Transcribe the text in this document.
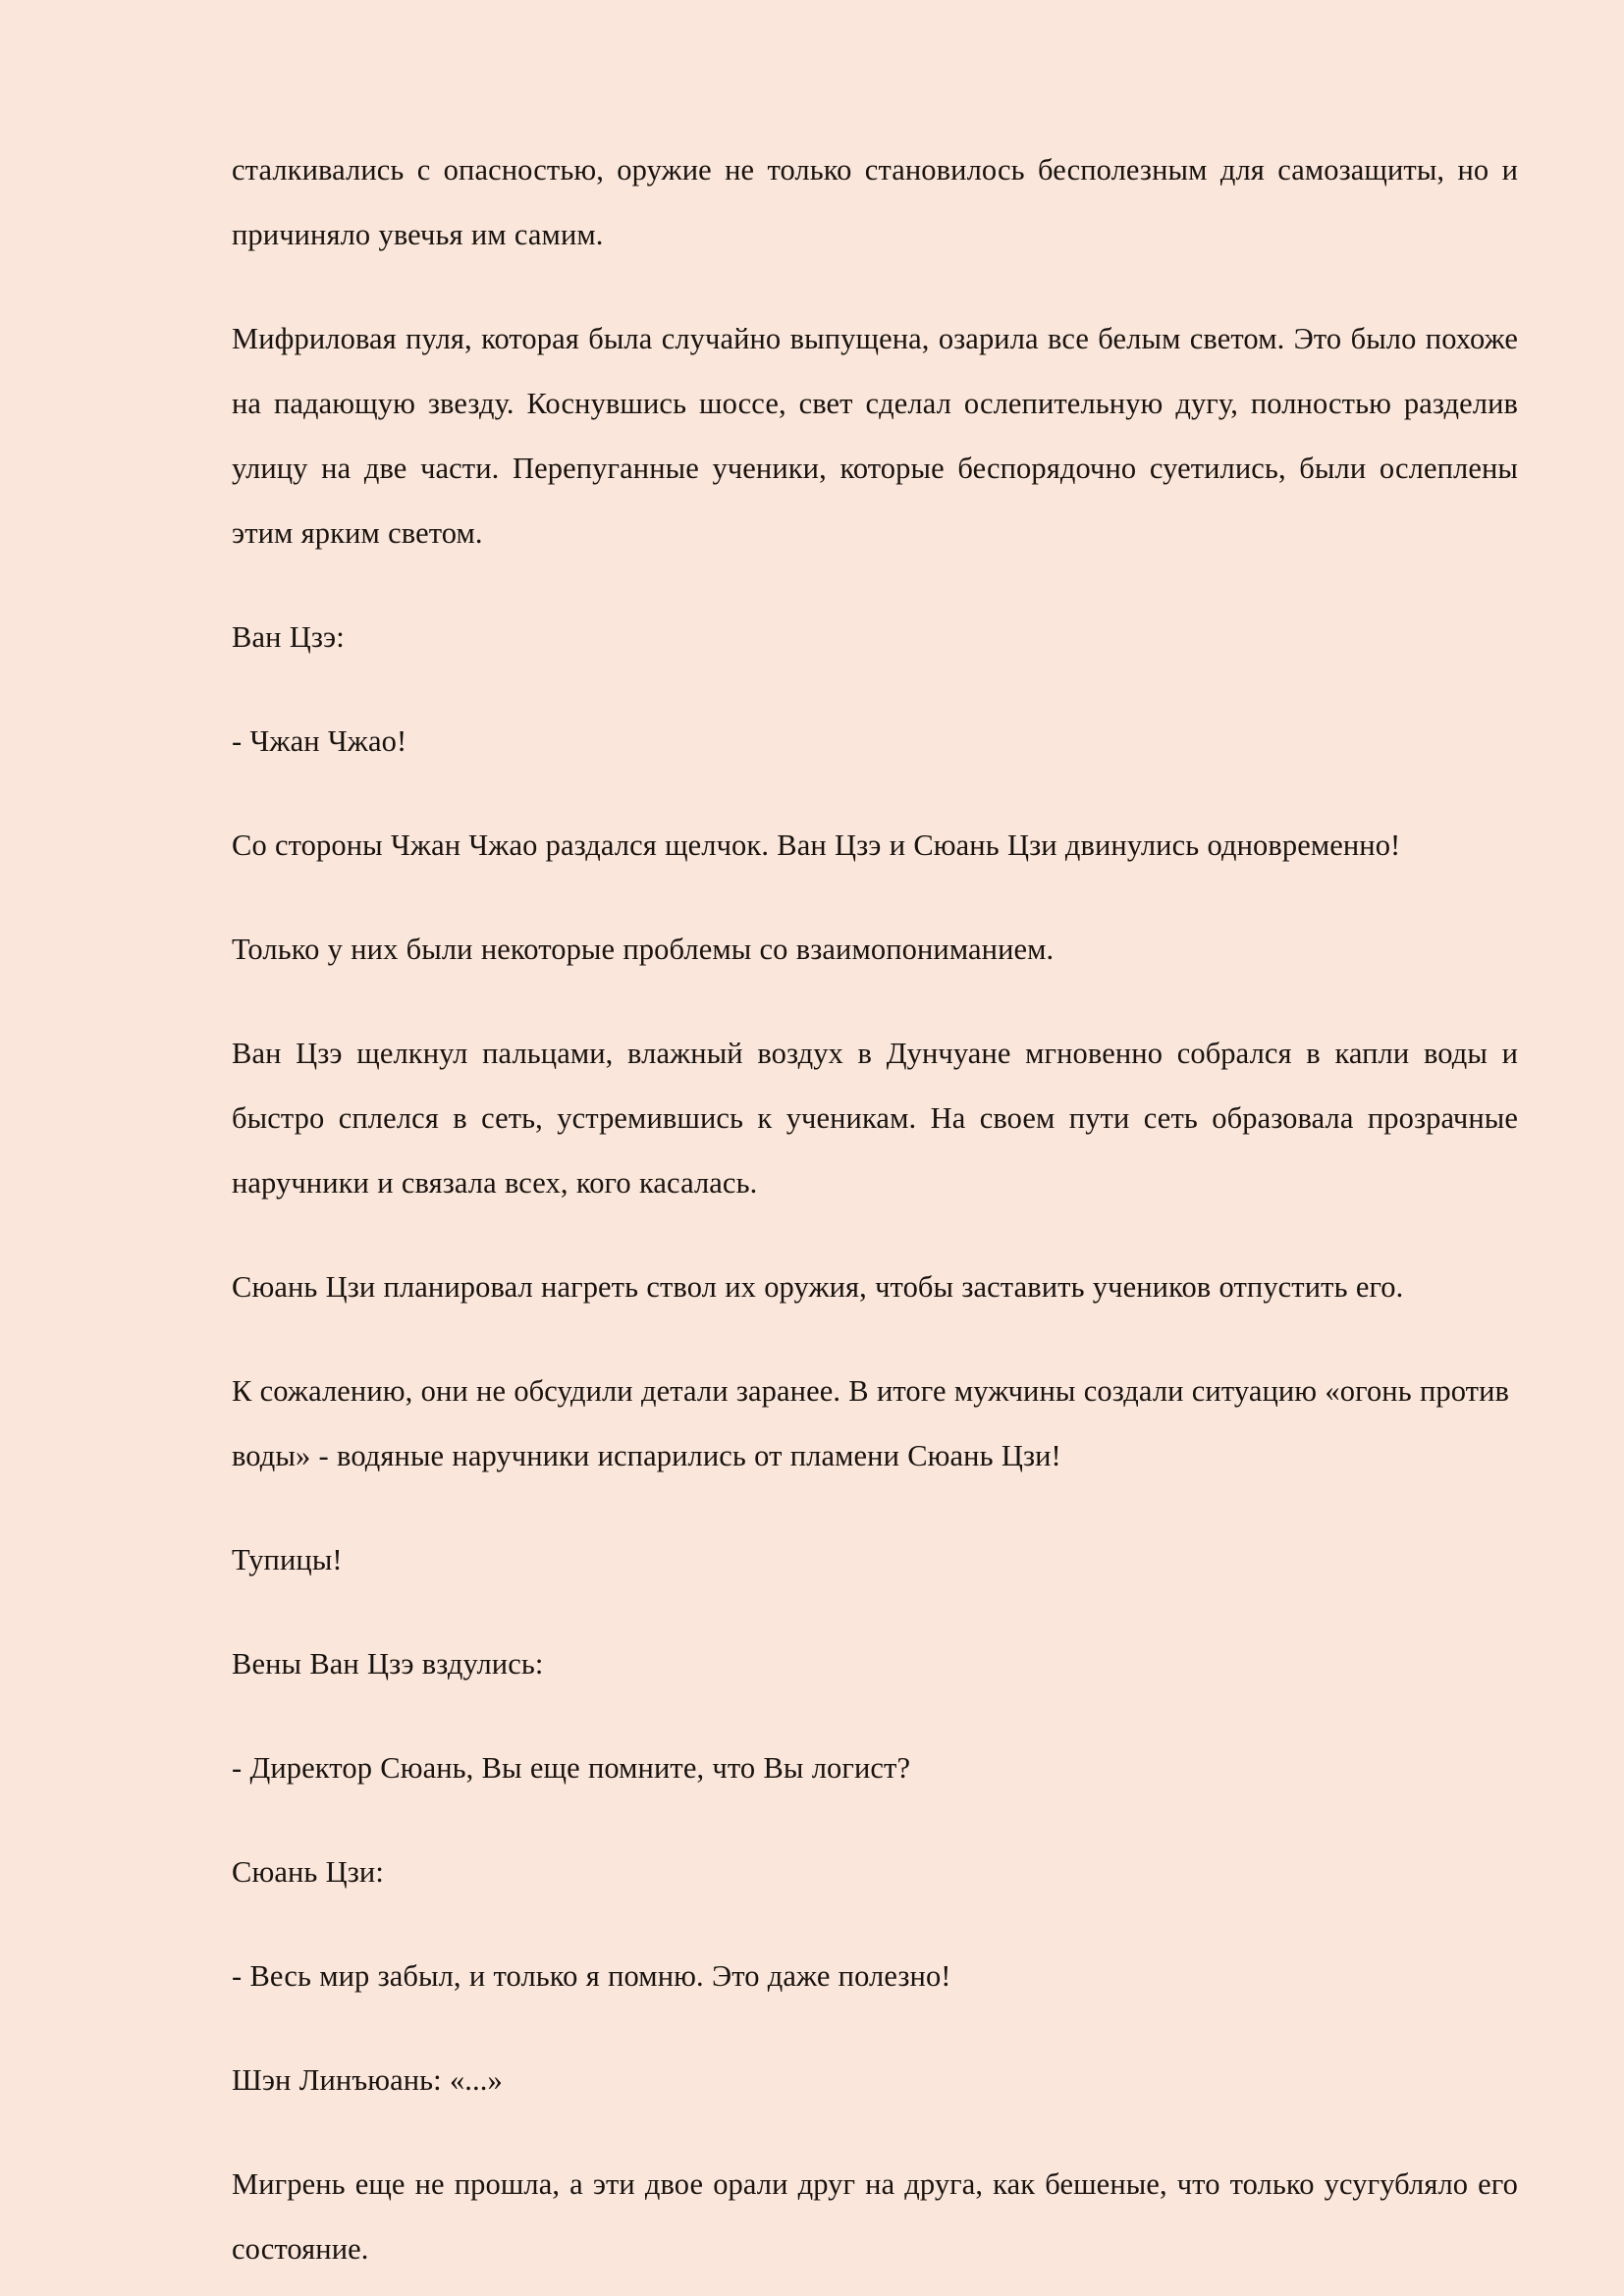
сталкивались с опасностью, оружие не только становилось бесполезным для самозащиты, но и причиняло увечья им самим.

Мифриловая пуля, которая была случайно выпущена, озарила все белым светом. Это было похоже на падающую звезду. Коснувшись шоссе, свет сделал ослепительную дугу, полностью разделив улицу на две части. Перепуганные ученики, которые беспорядочно суетились, были ослеплены этим ярким светом.

Ван Цзэ:

- Чжан Чжао!

Со стороны Чжан Чжао раздался щелчок. Ван Цзэ и Сюань Цзи двинулись одновременно!

Только у них были некоторые проблемы со взаимопониманием.

Ван Цзэ щелкнул пальцами, влажный воздух в Дунчуане мгновенно собрался в капли воды и быстро сплелся в сеть, устремившись к ученикам. На своем пути сеть образовала прозрачные наручники и связала всех, кого касалась.

Сюань Цзи планировал нагреть ствол их оружия, чтобы заставить учеников отпустить его.

К сожалению, они не обсудили детали заранее. В итоге мужчины создали ситуацию «огонь против воды» - водяные наручники испарились от пламени Сюань Цзи!

Тупицы!

Вены Ван Цзэ вздулись:

- Директор Сюань, Вы еще помните, что Вы логист?

Сюань Цзи:

- Весь мир забыл, и только я помню. Это даже полезно!

Шэн Линъюань: «...»

Мигрень еще не прошла, а эти двое орали друг на друга, как бешеные, что только усугубляло его состояние.
